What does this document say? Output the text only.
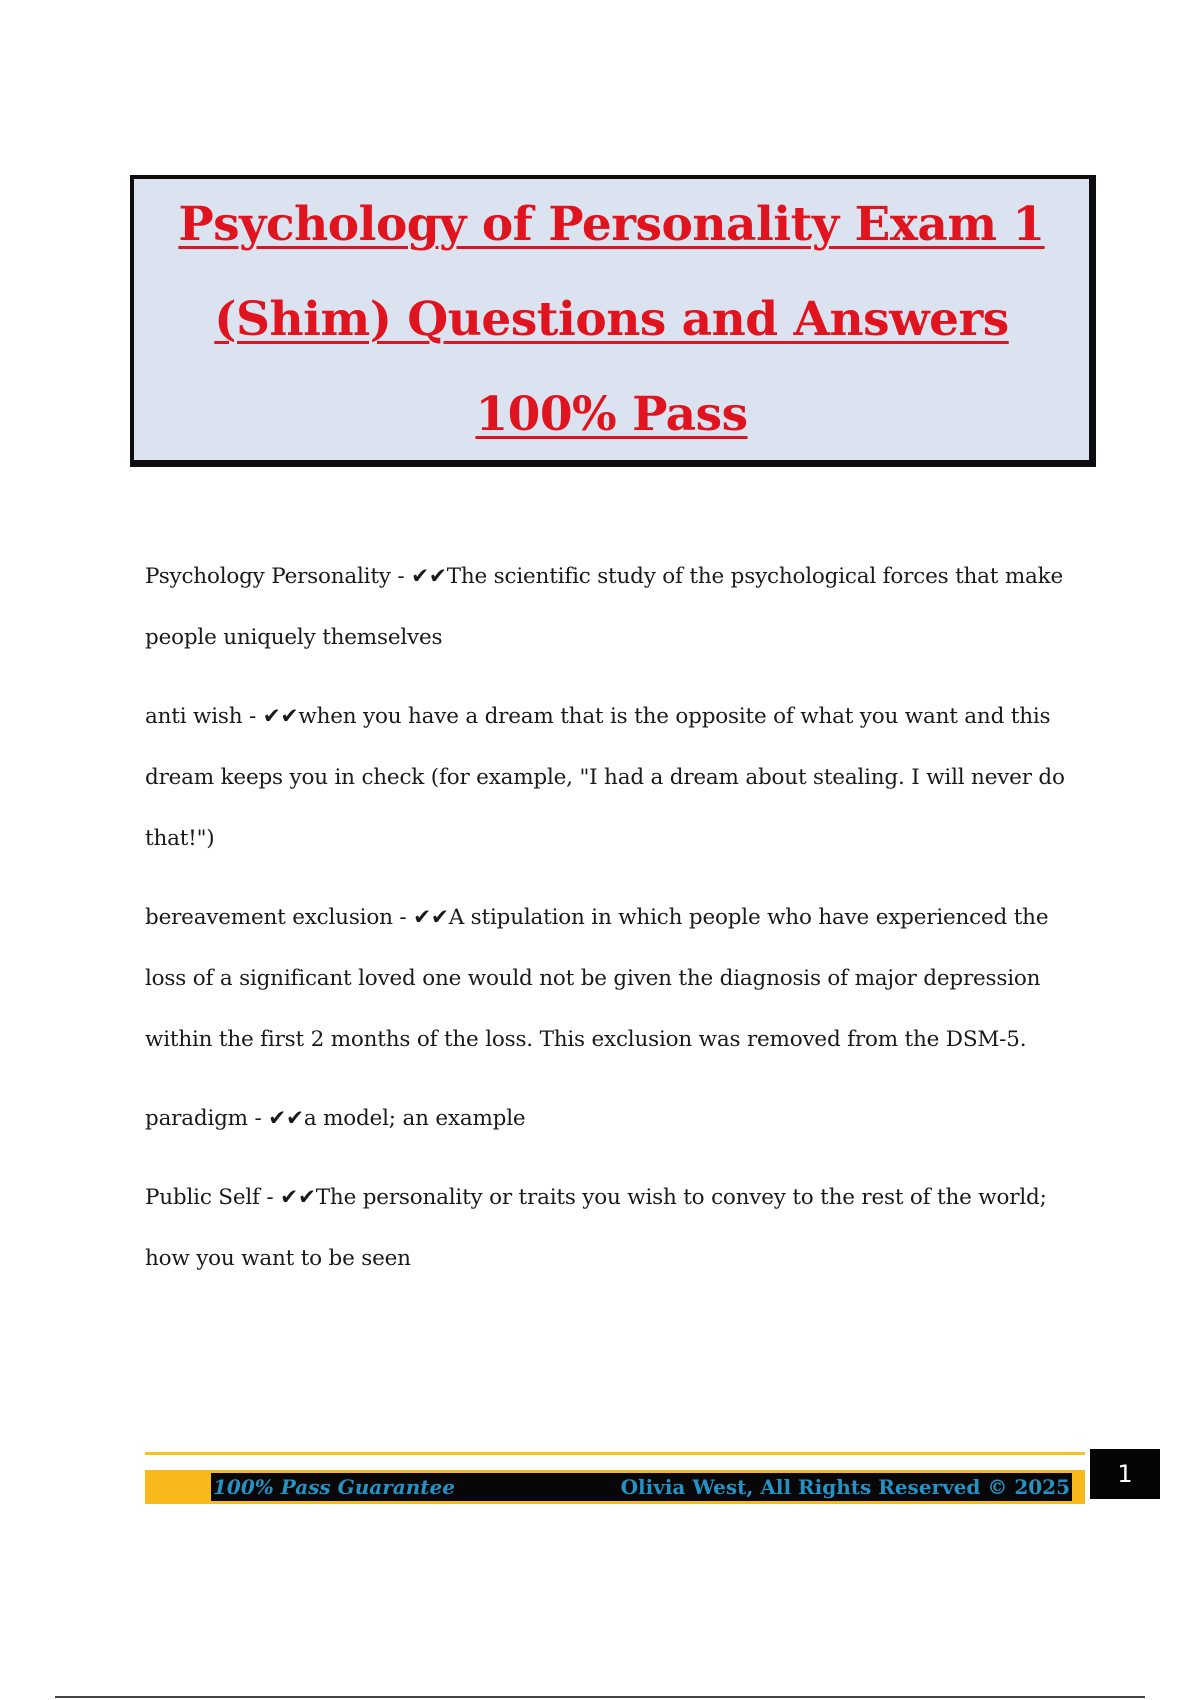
Psychology of Personality Exam 1 (Shim) Questions and Answers 100% Pass

Psychology Personality - ✔✔The scientific study of the psychological forces that make people uniquely themselves

anti wish - ✔✔when you have a dream that is the opposite of what you want and this dream keeps you in check (for example, "I had a dream about stealing. I will never do that!")

bereavement exclusion - ✔✔A stipulation in which people who have experienced the loss of a significant loved one would not be given the diagnosis of major depression within the first 2 months of the loss. This exclusion was removed from the DSM-5.

paradigm - ✔✔a model; an example

Public Self - ✔✔The personality or traits you wish to convey to the rest of the world; how you want to be seen

100% Pass Guarantee	Olivia West, All Rights Reserved © 2025	1
